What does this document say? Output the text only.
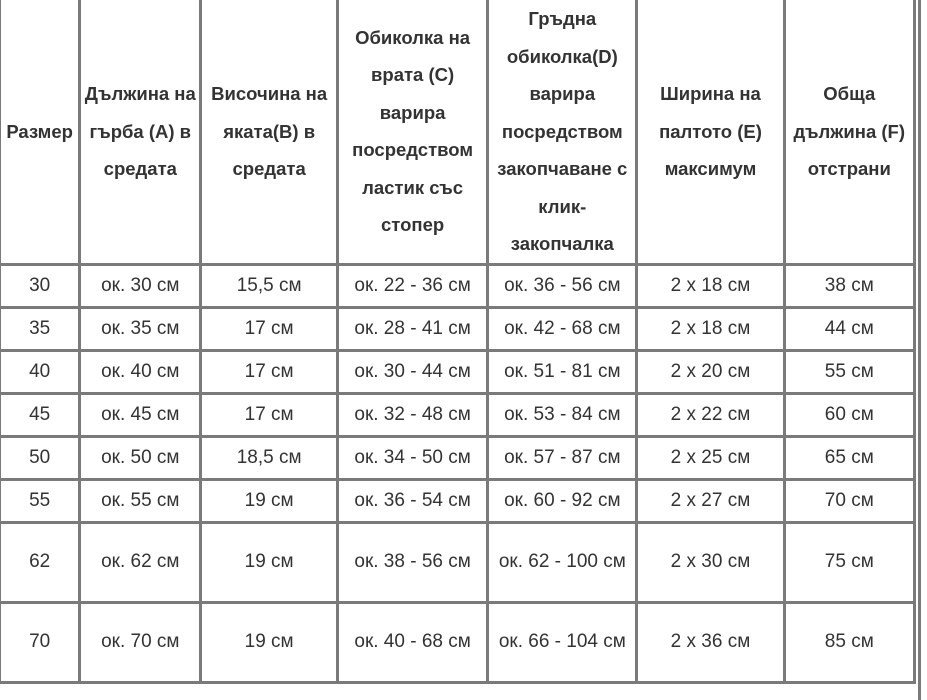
Размер	Дължина на гърба (A) в средата	Височина на яката(B) в средата	Обиколка на врата (C) варира посредством ластик със стопер	Гръдна обиколка(D) варира посредством закопчаване с клик-закопчалка	Ширина на палтото (E) максимум	Обща дължина (F) отстрани
30	ок. 30 см	15,5 см	ок. 22 - 36 см	ок. 36 - 56 см	2 х 18 см	38 см
35	ок. 35 см	17 см	ок. 28 - 41 см	ок. 42 - 68 см	2 х 18 см	44 см
40	ок. 40 см	17 см	ок. 30 - 44 см	ок. 51 - 81 см	2 х 20 см	55 см
45	ок. 45 см	17 см	ок. 32 - 48 см	ок. 53 - 84 см	2 х 22 см	60 см
50	ок. 50 см	18,5 см	ок. 34 - 50 см	ок. 57 - 87 см	2 х 25 см	65 см
55	ок. 55 см	19 см	ок. 36 - 54 см	ок. 60 - 92 см	2 х 27 см	70 см
62	ок. 62 см	19 см	ок. 38 - 56 см	ок. 62 - 100 см	2 х 30 см	75 см
70	ок. 70 см	19 см	ок. 40 - 68 см	ок. 66 - 104 см	2 х 36 см	85 см
